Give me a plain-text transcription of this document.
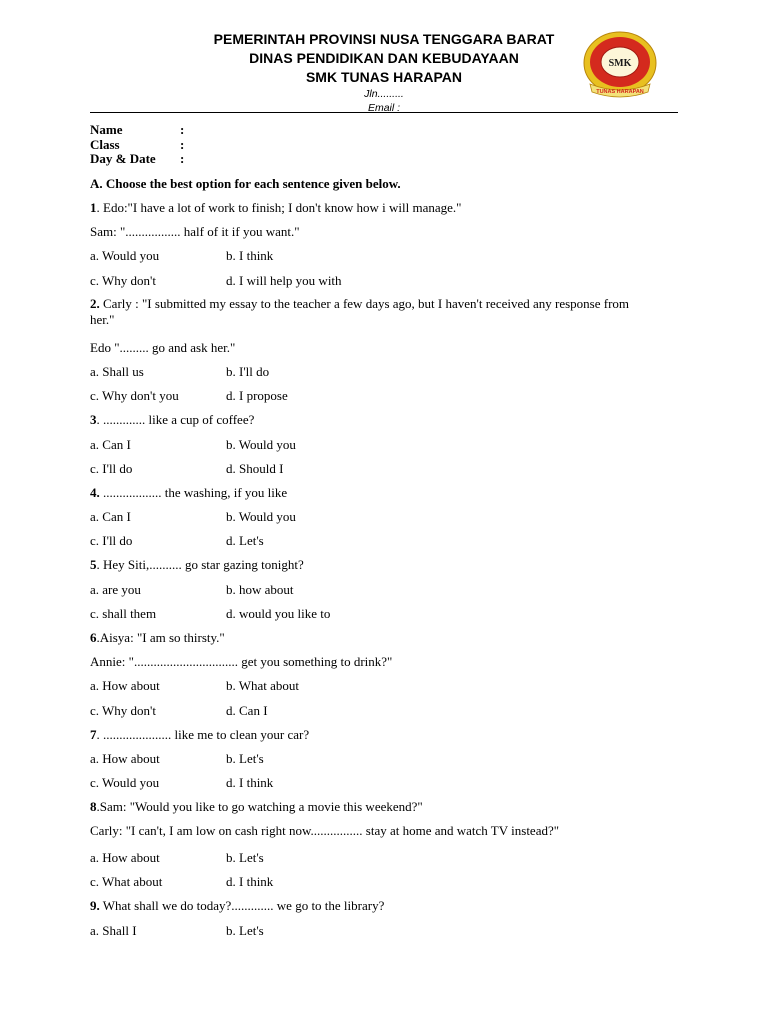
PEMERINTAH PROVINSI NUSA TENGGARA BARAT
DINAS PENDIDIKAN DAN KEBUDAYAAN
SMK TUNAS HARAPAN
Jln.........
Email :
SMK
TUNAS HARAPAN
Name	:
Class	:
Day & Date :
A. Choose the best option for each sentence given below.
1. Edo:"I have a lot of work to finish; I don't know how i will manage."
Sam: "................. half of it if you want."
a. Would you	b. I think
c. Why don't	d. I will help you with
2. Carly : "I submitted my essay to the teacher a few days ago, but I haven't received any response from her."
Edo "......... go and ask her."
a. Shall us	b. I'll do
c. Why don't you	d. I propose
3. ............. like a cup of coffee?
a. Can I	b. Would you
c. I'll do	d. Should I
4. .................. the washing, if you like
a. Can I	b. Would you
c. I'll do	d. Let's
5. Hey Siti,.......... go star gazing tonight?
a. are you	b. how about
c. shall them	d. would you like to
6.Aisya: "I am so thirsty."
Annie: "................................ get you something to drink?"
a. How about	b. What about
c. Why don't	d. Can I
7. ..................... like me to clean your car?
a. How about	b. Let's
c. Would you	d. I think
8.Sam: "Would you like to go watching a movie this weekend?"
Carly: "I can't, I am low on cash right now................ stay at home and watch TV instead?"
a. How about	b. Let's
c. What about	d. I think
9. What shall we do today?............. we go to the library?
a. Shall I	b. Let's
